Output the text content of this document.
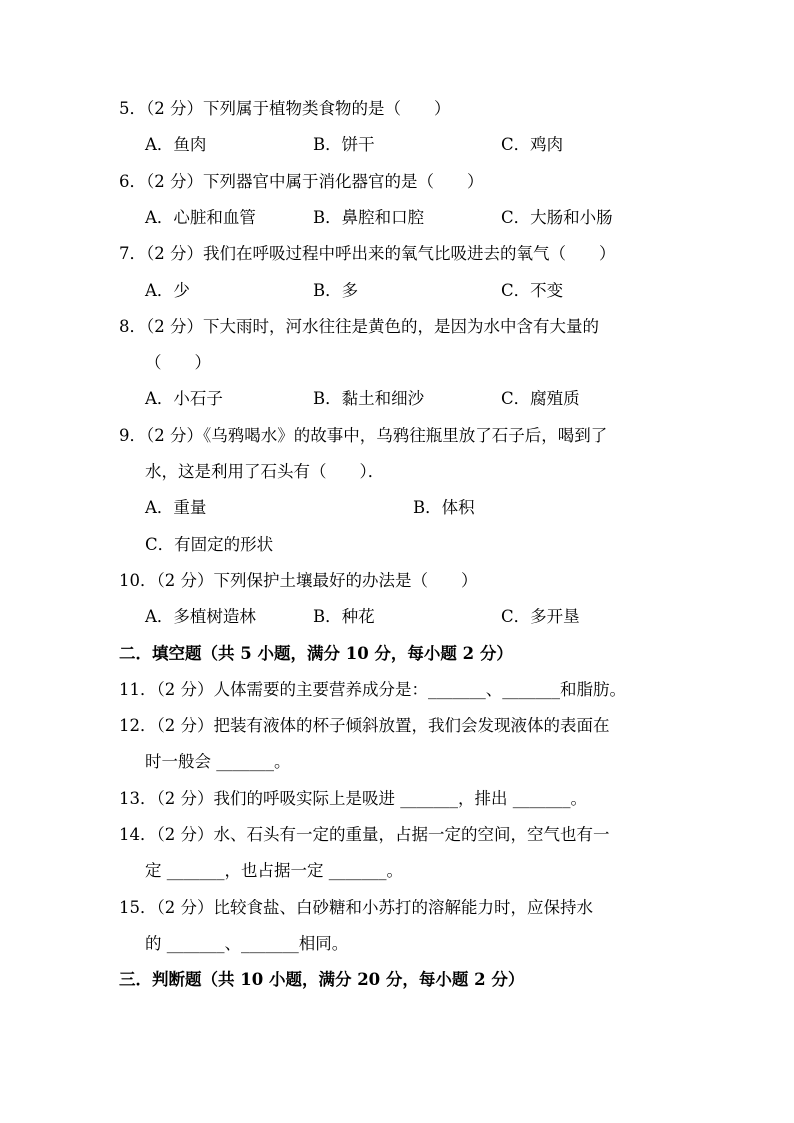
5．（2 分）下列属于植物类食物的是（　　）
A．鱼肉	B．饼干	C．鸡肉
6．（2 分）下列器官中属于消化器官的是（　　）
A．心脏和血管	B．鼻腔和口腔	C．大肠和小肠
7．（2 分）我们在呼吸过程中呼出来的氧气比吸进去的氧气（　　）
A．少	B．多	C．不变
8．（2 分）下大雨时，河水往往是黄色的，是因为水中含有大量的
（　　）
A．小石子	B．黏土和细沙	C．腐殖质
9．（2 分）《乌鸦喝水》的故事中，乌鸦往瓶里放了石子后，喝到了
水，这是利用了石头有（　　）．
A．重量	B．体积
C．有固定的形状
10．（2 分）下列保护土壤最好的办法是（　　）
A．多植树造林	B．种花	C．多开垦
二．填空题（共 5 小题，满分 10 分，每小题 2 分）
11．（2 分）人体需要的主要营养成分是：_______、_______和脂肪。
12．（2 分）把装有液体的杯子倾斜放置，我们会发现液体的表面在
时一般会 _______。
13．（2 分）我们的呼吸实际上是吸进 _______，排出 _______。
14．（2 分）水、石头有一定的重量，占据一定的空间，空气也有一
定 _______，也占据一定 _______。
15．（2 分）比较食盐、白砂糖和小苏打的溶解能力时，应保持水
的 _______、_______相同。
三．判断题（共 10 小题，满分 20 分，每小题 2 分）
